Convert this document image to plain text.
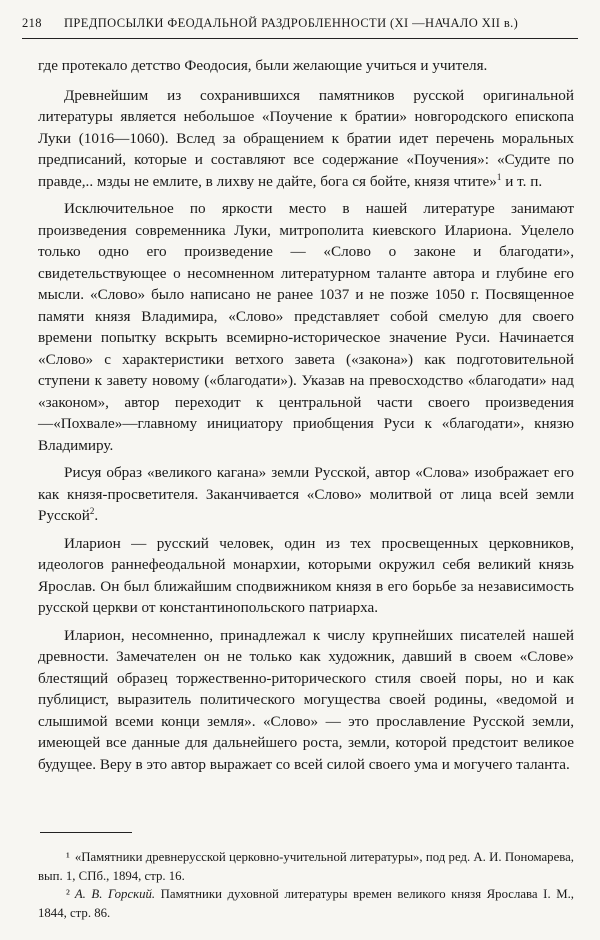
218 ПРЕДПОСЫЛКИ ФЕОДАЛЬНОЙ РАЗДРОБЛЕННОСТИ (XI —НАЧАЛО XII в.)

где протекало детство Феодосия, были желающие учиться и учителя.

Древнейшим из сохранившихся памятников русской оригинальной литературы является небольшое «Поучение к братии» новгородского епископа Луки (1016—1060). Вслед за обращением к братии идет перечень моральных предписаний, которые и составляют все содержание «Поучения»: «Судите по правде,.. мзды не емлите, в лихву не дайте, бога ся бойте, князя чтите»$^1$ и т. п.

Исключительное по яркости место в нашей литературе занимают произведения современника Луки, митрополита киевского Илариона. Уцелело только одно его произведение — «Слово о законе и благодати», свидетельствующее о несомненном литературном таланте автора и глубине его мысли. «Слово» было написано не ранее 1037 и не позже 1050 г. Посвященное памяти князя Владимира, «Слово» представляет собой смелую для своего времени попытку вскрыть всемирно-историческое значение Руси. Начинается «Слово» с характеристики ветхого завета («закона») как подготовительной ступени к завету новому («благодати»). Указав на превосходство «благодати» над «законом», автор переходит к центральной части своего произведения—«Похвале»—главному инициатору приобщения Руси к «благодати», князю Владимиру.

Рисуя образ «великого кагана» земли Русской, автор «Слова» изображает его как князя-просветителя. Заканчивается «Слово» молитвой от лица всей земли Русской$^2$.

Иларион — русский человек, один из тех просвещенных церковников, идеологов раннефеодальной монархии, которыми окружил себя великий князь Ярослав. Он был ближайшим сподвижником князя в его борьбе за независимость русской церкви от константинопольского патриарха.

Иларион, несомненно, принадлежал к числу крупнейших писателей нашей древности. Замечателен он не только как художник, давший в своем «Слове» блестящий образец торжественно-риторического стиля своей поры, но и как публицист, выразитель политического могущества своей родины, «ведомой и слышимой всеми конци земля». «Слово» — это прославление Русской земли, имеющей все данные для дальнейшего роста, земли, которой предстоит великое будущее. Веру в это автор выражает со всей силой своего ума и могучего таланта.

¹ «Памятники древнерусской церковно-учительной литературы», под ред. А. И. Пономарева, вып. 1, СПб., 1894, стр. 16.

² А. В. Горский. Памятники духовной литературы времен великого князя Ярослава I. М., 1844, стр. 86.
